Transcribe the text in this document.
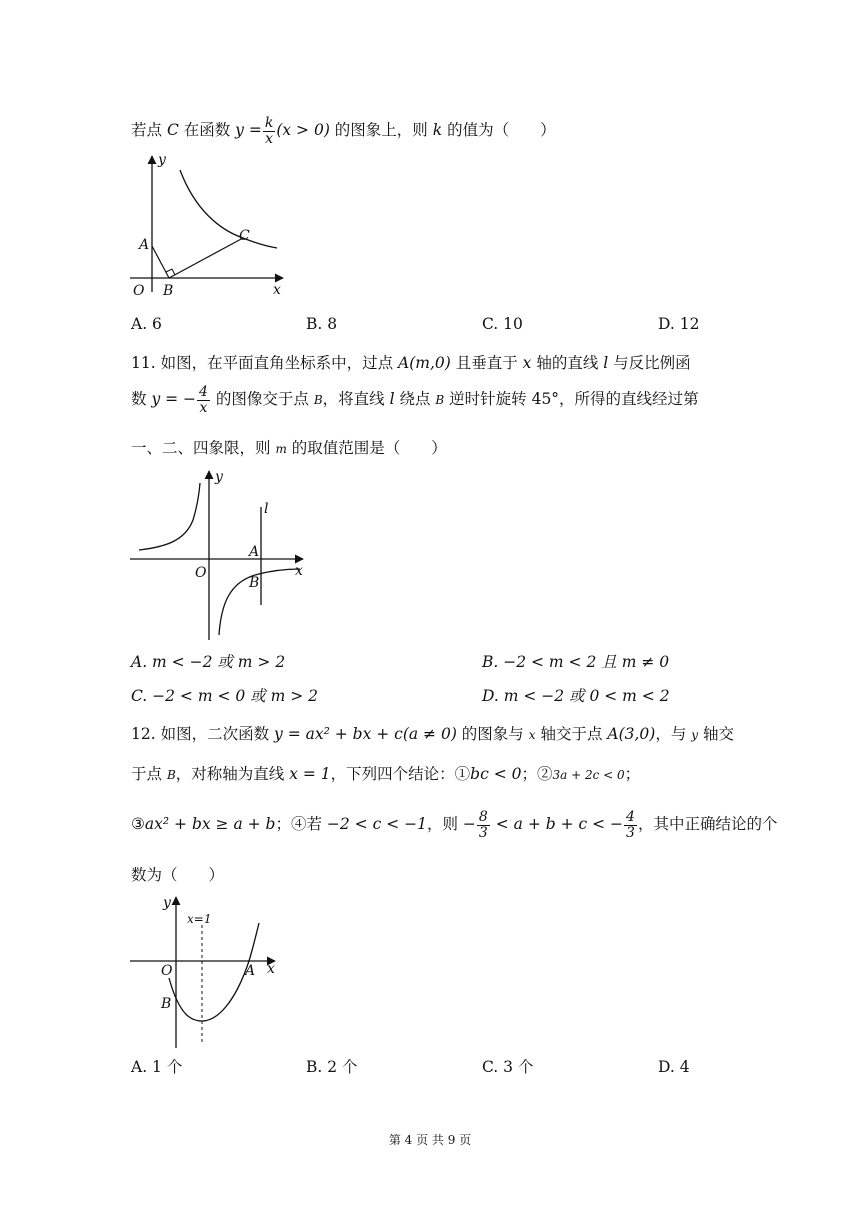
若点 C 在函数 $y = \frac{k}{x} (x > 0)$ 的图象上，则 k 的值为（　　）
y
x
O
A
B
C
A. 6	B. 8	C. 10	D. 12
11. 如图，在平面直角坐标系中，过点 A(m,0) 且垂直于 x 轴的直线 l 与反比例函
数 y = − $\frac{4}{x}$ 的图像交于点 B，将直线 l 绕点 B 逆时针旋转 45°，所得的直线经过第
一、二、四象限，则 m 的取值范围是（　　）
y
x
O
A
B
l
A. m < −2 或 m > 2	B. −2 < m < 2 且 m ≠ 0
C. −2 < m < 0 或 m > 2	D. m < −2 或 0 < m < 2
12. 如图，二次函数 y = ax² + bx + c(a ≠ 0) 的图象与 x 轴交于点 A(3,0)，与 y 轴交
于点 B，对称轴为直线 x = 1，下列四个结论：①bc < 0；②3a + 2c < 0；
③ax² + bx ≥ a + b；④若 −2 < c < −1，则 − $\frac{8}{3} < a + b + c$ < − $\frac{4}{3}$ ，其中正确结论的个
数为（　　）
y
x
O	A
B
x=1
A. 1 个	B. 2 个	C. 3 个	D. 4
第 4 页 共 9 页
